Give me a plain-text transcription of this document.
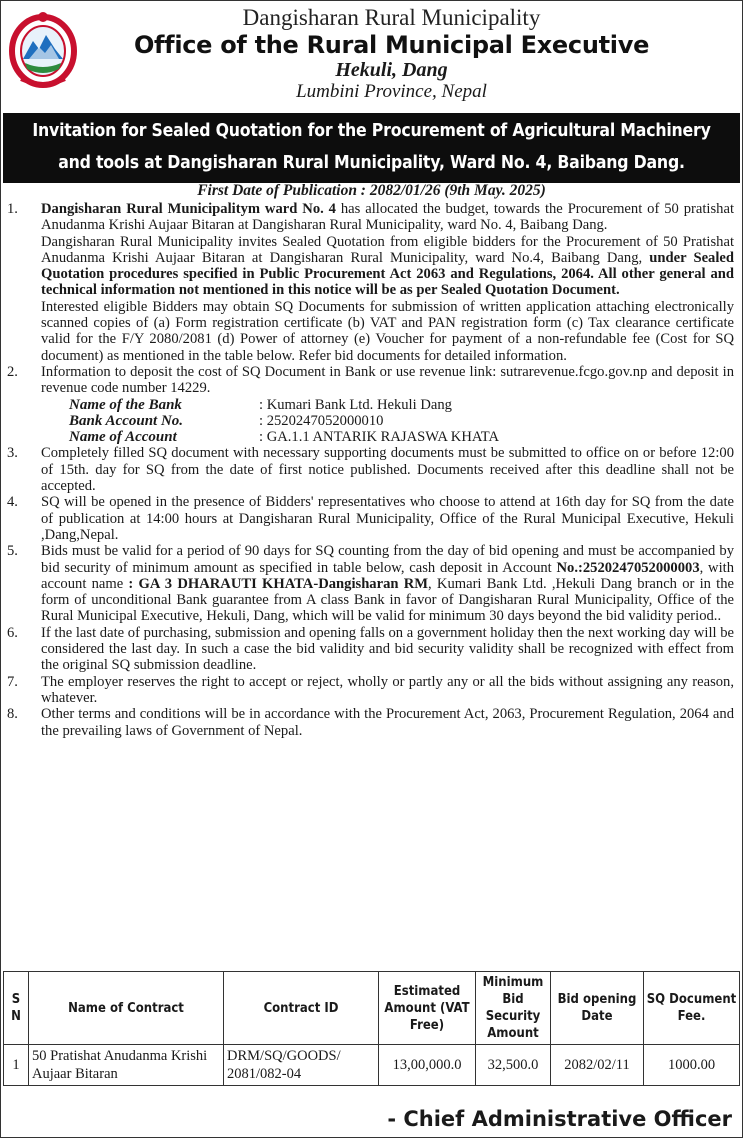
Dangisharan Rural Municipality
Office of the Rural Municipal Executive
Hekuli, Dang
Lumbini Province, Nepal
Invitation for Sealed Quotation for the Procurement of Agricultural Machinery
and tools at Dangisharan Rural Municipality, Ward No. 4, Baibang Dang.
First Date of Publication : 2082/01/26 (9th May. 2025)
1.	Dangisharan Rural Municipalitym ward No. 4 has allocated the budget, towards the Procurement of 50 pratishat Anudanma Krishi Aujaar Bitaran at Dangisharan Rural Municipality, ward No. 4, Baibang Dang.

Dangisharan Rural Municipality invites Sealed Quotation from eligible bidders for the Procurement of 50 Pratishat Anudanma Krishi Aujaar Bitaran at Dangisharan Rural Municipality, ward No.4, Baibang Dang, under Sealed Quotation procedures specified in Public Procurement Act 2063 and Regulations, 2064. All other general and technical information not mentioned in this notice will be as per Sealed Quotation Document.

Interested eligible Bidders may obtain SQ Documents for submission of written application attaching electronically scanned copies of (a) Form registration certificate (b) VAT and PAN registration form (c) Tax clearance certificate valid for the F/Y 2080/2081 (d) Power of attorney (e) Voucher for payment of a non-refundable fee (Cost for SQ document) as mentioned in the table below. Refer bid documents for detailed information.

2.	Information to deposit the cost of SQ Document in Bank or use revenue link: sutrarevenue.fcgo.gov.np and deposit in revenue code number 14229.

Name of the Bank	: Kumari Bank Ltd. Hekuli Dang
Bank Account No.	: 2520247052000010
Name of Account	: GA.1.1 ANTARIK RAJASWA KHATA
3.	Completely filled SQ document with necessary supporting documents must be submitted to office on or before 12:00 of 15th. day for SQ from the date of first notice published. Documents received after this deadline shall not be accepted.

4.	SQ will be opened in the presence of Bidders' representatives who choose to attend at 16th day for SQ from the date of publication at 14:00 hours at Dangisharan Rural Municipality, Office of the Rural Municipal Executive, Hekuli ,Dang,Nepal.

5.	Bids must be valid for a period of 90 days for SQ counting from the day of bid opening and must be accompanied by bid security of minimum amount as specified in table below, cash deposit in Account No.:2520247052000003, with account name : GA 3 DHARAUTI KHATA-Dangisharan RM, Kumari Bank Ltd. ,Hekuli Dang branch or in the form of unconditional Bank guarantee from A class Bank in favor of Dangisharan Rural Municipality, Office of the Rural Municipal Executive, Hekuli, Dang, which will be valid for minimum 30 days beyond the bid validity period..

6.	If the last date of purchasing, submission and opening falls on a government holiday then the next working day will be considered the last day. In such a case the bid validity and bid security validity shall be recognized with effect from the original SQ submission deadline.

7.	The employer reserves the right to accept or reject, wholly or partly any or all the bids without assigning any reason, whatever.

8.	Other terms and conditions will be in accordance with the Procurement Act, 2063, Procurement Regulation, 2064 and the prevailing laws of Government of Nepal.

S N	Name of Contract	Contract ID	Estimated Amount (VAT Free)	Minimum Bid Security Amount	Bid opening Date	SQ Document Fee.
1	50 Pratishat Anudanma Krishi Aujaar Bitaran	DRM/SQ/GOODS/ 2081/082-04	13,00,000.0	32,500.0	2082/02/11	1000.00
- Chief Administrative Officer
